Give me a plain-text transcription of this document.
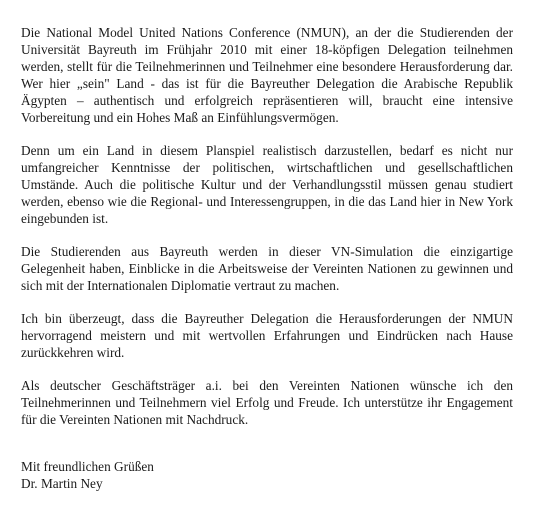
Die National Model United Nations Conference (NMUN), an der die Studierenden der Universität Bayreuth im Frühjahr 2010 mit einer 18-köpfigen Delegation teilnehmen werden, stellt für die Teilnehmerinnen und Teilnehmer eine besondere Herausforderung dar. Wer hier „sein" Land - das ist für die Bayreuther Delegation die Arabische Republik Ägypten – authentisch und erfolgreich repräsentieren will, braucht eine intensive Vorbereitung und ein Hohes Maß an Einfühlungsvermögen.

Denn um ein Land in diesem Planspiel realistisch darzustellen, bedarf es nicht nur umfangreicher Kenntnisse der politischen, wirtschaftlichen und gesellschaftlichen Umstände. Auch die politische Kultur und der Verhandlungsstil müssen genau studiert werden, ebenso wie die Regional- und Interessengruppen, in die das Land hier in New York eingebunden ist.

Die Studierenden aus Bayreuth werden in dieser VN-Simulation die einzigartige Gelegenheit haben, Einblicke in die Arbeitsweise der Vereinten Nationen zu gewinnen und sich mit der Internationalen Diplomatie vertraut zu machen.

Ich bin überzeugt, dass die Bayreuther Delegation die Herausforderungen der NMUN hervorragend meistern und mit wertvollen Erfahrungen und Eindrücken nach Hause zurückkehren wird.

Als deutscher Geschäftsträger a.i. bei den Vereinten Nationen wünsche ich den Teilnehmerinnen und Teilnehmern viel Erfolg und Freude. Ich unterstütze ihr Engagement für die Vereinten Nationen mit Nachdruck.

Mit freundlichen Grüßen
Dr. Martin Ney
